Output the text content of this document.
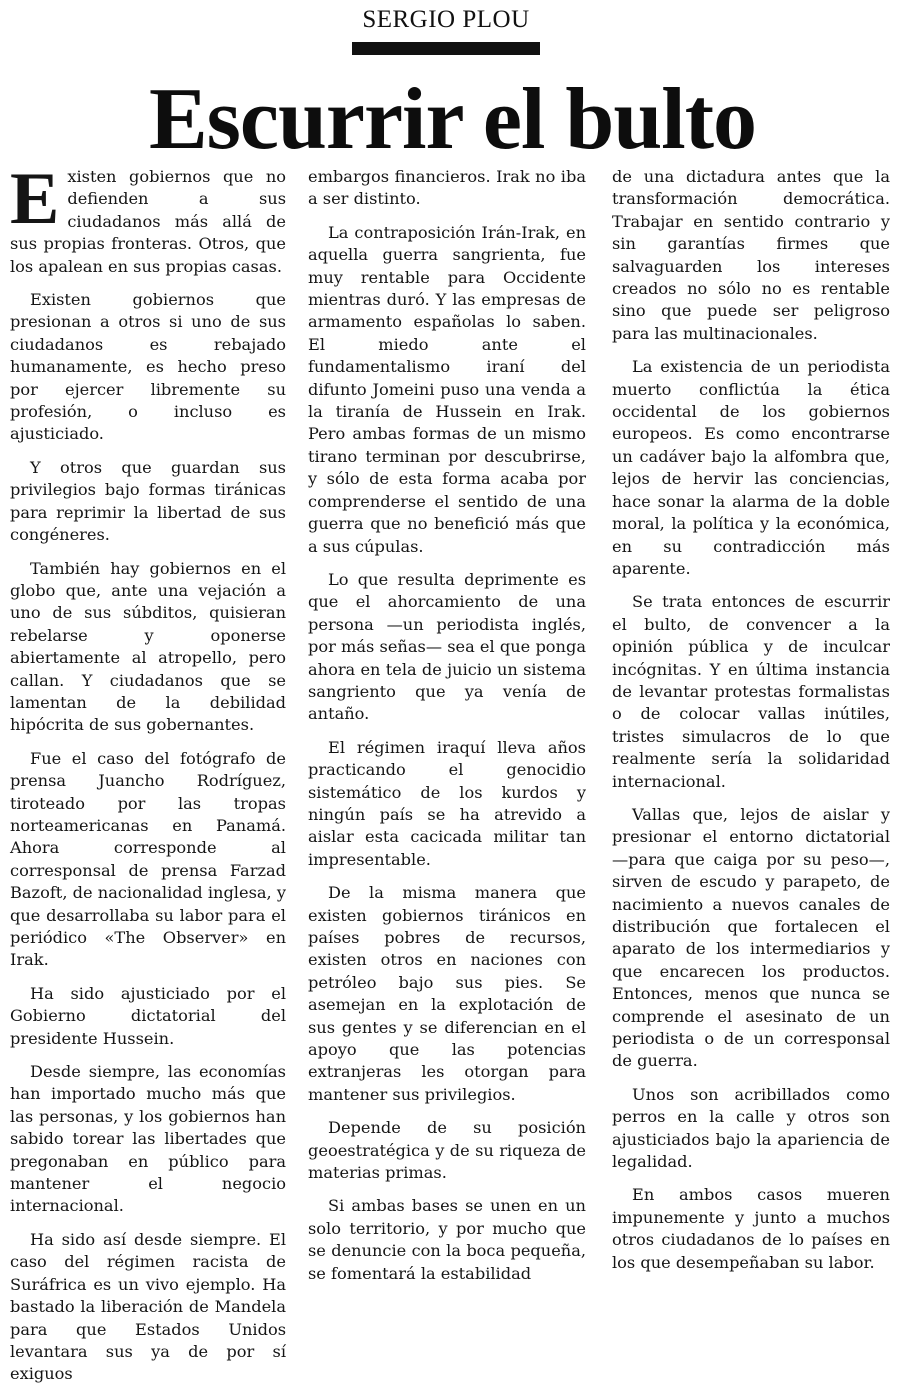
SERGIO PLOU
Escurrir el bulto

Existen gobiernos que no defienden a sus ciudadanos más allá de sus propias fronteras. Otros, que los apalean en sus propias casas.

Existen gobiernos que presionan a otros si uno de sus ciudadanos es rebajado humanamente, es hecho preso por ejercer libremente su profesión, o incluso es ajusticiado.

Y otros que guardan sus privilegios bajo formas tiránicas para reprimir la libertad de sus congéneres.

También hay gobiernos en el globo que, ante una vejación a uno de sus súbditos, quisieran rebelarse y oponerse abiertamente al atropello, pero callan. Y ciudadanos que se lamentan de la debilidad hipócrita de sus gobernantes.

Fue el caso del fotógrafo de prensa Juancho Rodríguez, tiroteado por las tropas norteamericanas en Panamá. Ahora corresponde al corresponsal de prensa Farzad Bazoft, de nacionalidad inglesa, y que desarrollaba su labor para el periódico «The Observer» en Irak.

Ha sido ajusticiado por el Gobierno dictatorial del presidente Hussein.

Desde siempre, las economías han importado mucho más que las personas, y los gobiernos han sabido torear las libertades que pregonaban en público para mantener el negocio internacional.

Ha sido así desde siempre. El caso del régimen racista de Suráfrica es un vivo ejemplo. Ha bastado la liberación de Mandela para que Estados Unidos levantara sus ya de por sí exiguos

embargos financieros. Irak no iba a ser distinto.

La contraposición Irán-Irak, en aquella guerra sangrienta, fue muy rentable para Occidente mientras duró. Y las empresas de armamento españolas lo saben. El miedo ante el fundamentalismo iraní del difunto Jomeini puso una venda a la tiranía de Hussein en Irak. Pero ambas formas de un mismo tirano terminan por descubrirse, y sólo de esta forma acaba por comprenderse el sentido de una guerra que no benefició más que a sus cúpulas.

Lo que resulta deprimente es que el ahorcamiento de una persona —un periodista inglés, por más señas— sea el que ponga ahora en tela de juicio un sistema sangriento que ya venía de antaño.

El régimen iraquí lleva años practicando el genocidio sistemático de los kurdos y ningún país se ha atrevido a aislar esta cacicada militar tan impresentable.

De la misma manera que existen gobiernos tiránicos en países pobres de recursos, existen otros en naciones con petróleo bajo sus pies. Se asemejan en la explotación de sus gentes y se diferencian en el apoyo que las potencias extranjeras les otorgan para mantener sus privilegios.

Depende de su posición geoestratégica y de su riqueza de materias primas.

Si ambas bases se unen en un solo territorio, y por mucho que se denuncie con la boca pequeña, se fomentará la estabilidad

de una dictadura antes que la transformación democrática. Trabajar en sentido contrario y sin garantías firmes que salvaguarden los intereses creados no sólo no es rentable sino que puede ser peligroso para las multinacionales.

La existencia de un periodista muerto conflictúa la ética occidental de los gobiernos europeos. Es como encontrarse un cadáver bajo la alfombra que, lejos de hervir las conciencias, hace sonar la alarma de la doble moral, la política y la económica, en su contradicción más aparente.

Se trata entonces de escurrir el bulto, de convencer a la opinión pública y de inculcar incógnitas. Y en última instancia de levantar protestas formalistas o de colocar vallas inútiles, tristes simulacros de lo que realmente sería la solidaridad internacional.

Vallas que, lejos de aislar y presionar el entorno dictatorial —para que caiga por su peso—, sirven de escudo y parapeto, de nacimiento a nuevos canales de distribución que fortalecen el aparato de los intermediarios y que encarecen los productos. Entonces, menos que nunca se comprende el asesinato de un periodista o de un corresponsal de guerra.

Unos son acribillados como perros en la calle y otros son ajusticiados bajo la apariencia de legalidad.

En ambos casos mueren impunemente y junto a muchos otros ciudadanos de lo países en los que desempeñaban su labor.
